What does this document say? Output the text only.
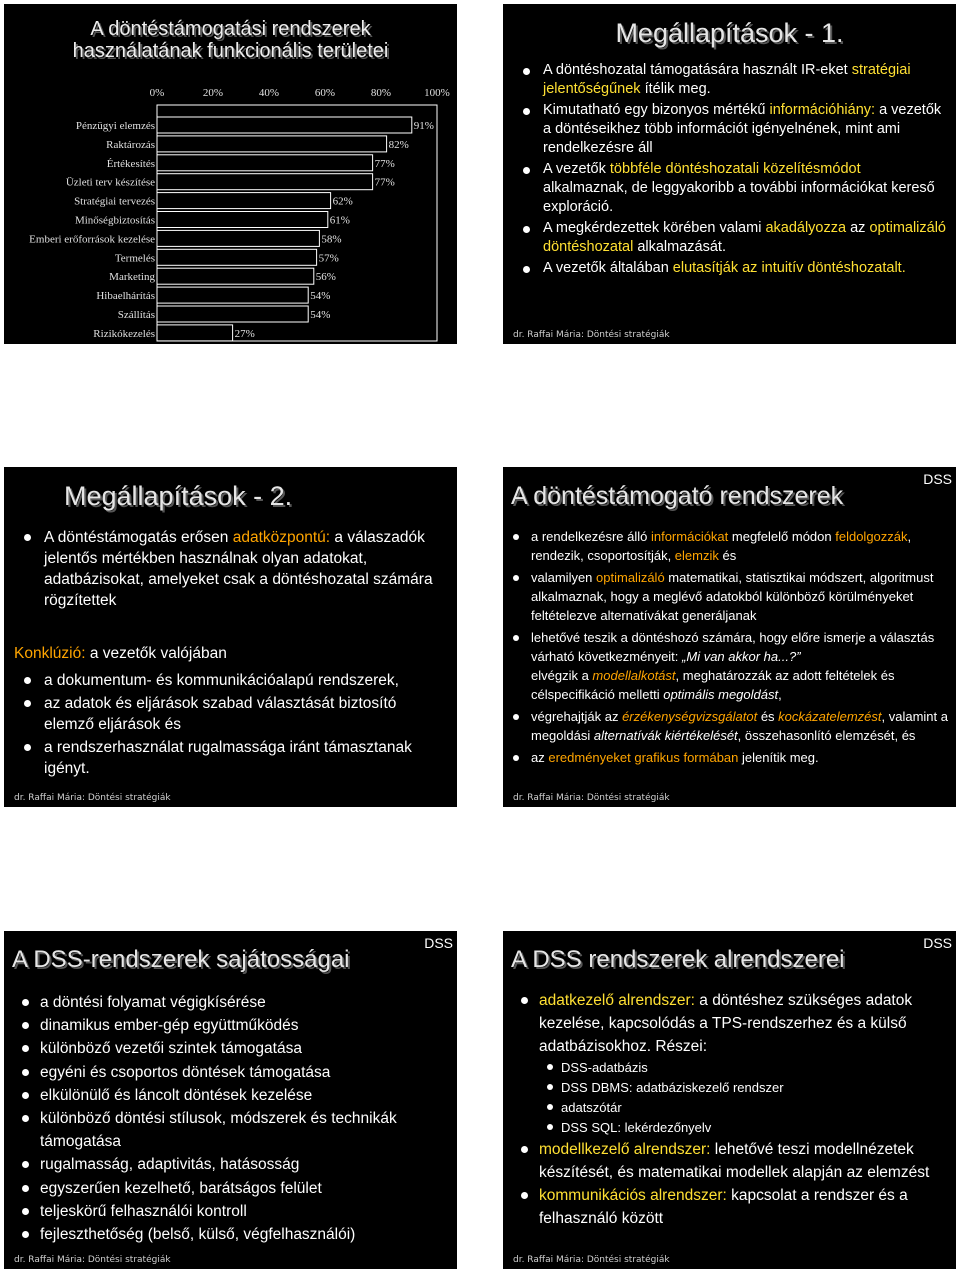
A döntéstámogatási rendszerek
használatának funkcionális területei
0%	20%	40%	60%	80%	100%
Pénzügyi elemzés	91%
Raktározás	82%
Értékesítés	77%
Üzleti terv készítése	77%
Stratégiai tervezés	62%
Minőségbiztosítás	61%
Emberi erőforrások kezelése	58%
Termelés	57%
Marketing	56%
Hibaelhárítás	54%
Szállítás	54%
Rizikókezelés	27%
Megállapítások - 1.
A döntéshozatal támogatására használt IR-eket stratégiai jelentőségűnek ítélik meg.
Kimutatható egy bizonyos mértékű információhiány: a vezetők a döntéseikhez több információt igényelnének, mint ami rendelkezésre áll
A vezetők többféle döntéshozatali közelítésmódot alkalmaznak, de leggyakoribb a további információkat kereső exploráció.
A megkérdezettek körében valami akadályozza az optimalizáló döntéshozatal alkalmazását.
A vezetők általában elutasítják az intuitív döntéshozatalt.
dr. Raffai Mária: Döntési stratégiák
Megállapítások - 2.
A döntéstámogatás erősen adatközpontú: a válaszadók jelentős mértékben használnak olyan adatokat, adatbázisokat, amelyeket csak a döntéshozatal számára rögzítettek
Konklúzió: a vezetők valójában
a dokumentum- és kommunikációalapú rendszerek,
az adatok és eljárások szabad választását biztosító elemző eljárások és
a rendszerhasználat rugalmassága iránt támasztanak igényt.
dr. Raffai Mária: Döntési stratégiák
DSS
A döntéstámogató rendszerek
a rendelkezésre álló információkat megfelelő módon feldolgozzák, rendezik, csoportosítják, elemzik és
valamilyen optimalizáló matematikai, statisztikai módszert, algoritmust alkalmaznak, hogy a meglévő adatokból különböző körülményeket feltételezve alternatívákat generáljanak
lehetővé teszik a döntéshozó számára, hogy előre ismerje a választás várható következményeit: „Mi van akkor ha...?”
elvégzik a modellalkotást, meghatározzák az adott feltételek és célspecifikáció melletti optimális megoldást,
végrehajtják az érzékenységvizsgálatot és kockázatelemzést, valamint a megoldási alternatívák kiértékelését, összehasonlító elemzését, és
az eredményeket grafikus formában jelenítik meg.
dr. Raffai Mária: Döntési stratégiák
DSS
A DSS-rendszerek sajátosságai
a döntési folyamat végigkísérése
dinamikus ember-gép együttműködés
különböző vezetői szintek támogatása
egyéni és csoportos döntések támogatása
elkülönülő és láncolt döntések kezelése
különböző döntési stílusok, módszerek és technikák támogatása
rugalmasság, adaptivitás, hatásosság
egyszerűen kezelhető, barátságos felület
teljeskörű felhasználói kontroll
fejleszthetőség (belső, külső, végfelhasználói)
dr. Raffai Mária: Döntési stratégiák
DSS
A DSS rendszerek alrendszerei
adatkezelő alrendszer: a döntéshez szükséges adatok kezelése, kapcsolódás a TPS-rendszerhez és a külső adatbázisokhoz. Részei:
DSS-adatbázis
DSS DBMS: adatbáziskezelő rendszer
adatszótár
DSS SQL: lekérdezőnyelv
modellkezelő alrendszer: lehetővé teszi modellnézetek készítését, és matematikai modellek alapján az elemzést
kommunikációs alrendszer: kapcsolat a rendszer és a felhasználó között
dr. Raffai Mária: Döntési stratégiák
